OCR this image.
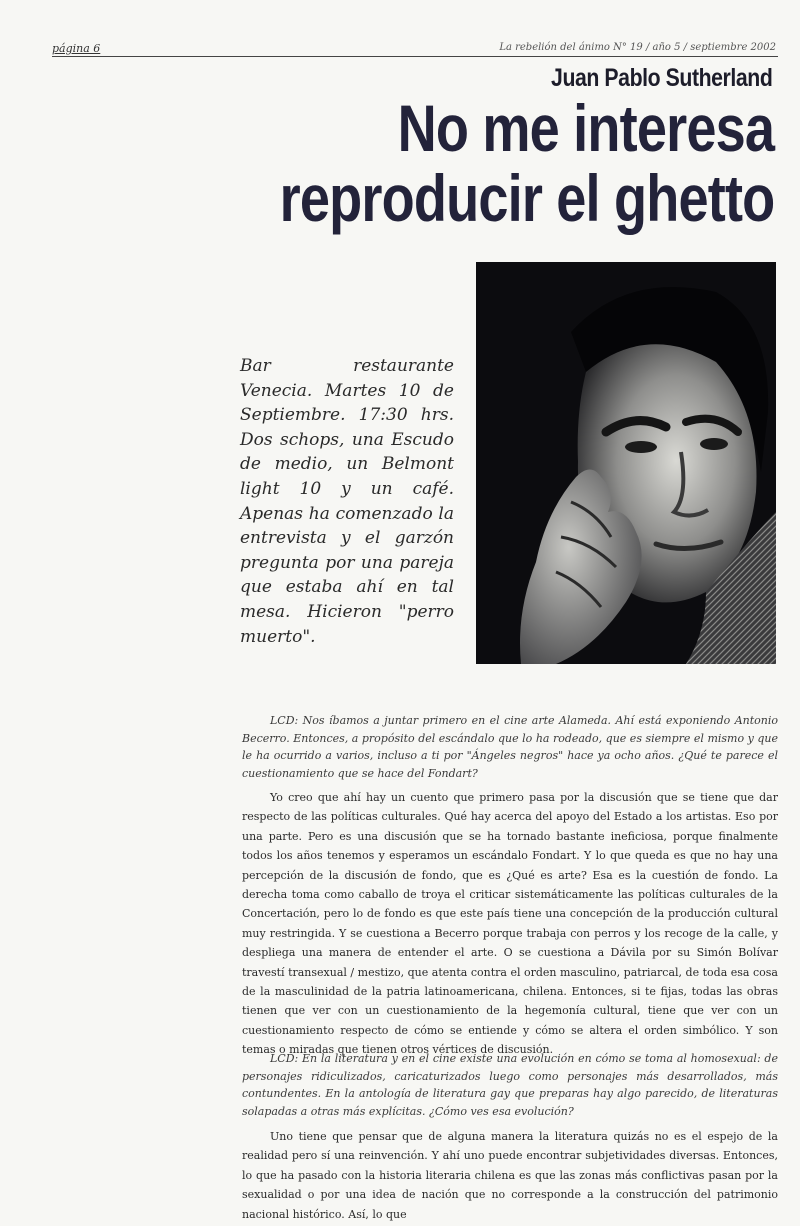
página 6	La rebelión del ánimo N° 19 / año 5 / septiembre 2002
Juan Pablo Sutherland
No me interesa
reproducir el ghetto

Bar restaurante Venecia. Martes 10 de Septiembre. 17:30 hrs. Dos schops, una Escudo de medio, un Belmont light 10 y un café. Apenas ha comenzado la entrevista y el garzón pregunta por una pareja que estaba ahí en tal mesa. Hicieron "perro muerto".

LCD: Nos íbamos a juntar primero en el cine arte Alameda. Ahí está exponiendo Antonio Becerro. Entonces, a propósito del escándalo que lo ha rodeado, que es siempre el mismo y que le ha ocurrido a varios, incluso a ti por "Ángeles negros" hace ya ocho años. ¿Qué te parece el cuestionamiento que se hace del Fondart?

Yo creo que ahí hay un cuento que primero pasa por la discusión que se tiene que dar respecto de las políticas culturales. Qué hay acerca del apoyo del Estado a los artistas. Eso por una parte. Pero es una discusión que se ha tornado bastante ineficiosa, porque finalmente todos los años tenemos y esperamos un escándalo Fondart. Y lo que queda es que no hay una percepción de la discusión de fondo, que es ¿Qué es arte? Esa es la cuestión de fondo. La derecha toma como caballo de troya el criticar sistemáticamente las políticas culturales de la Concertación, pero lo de fondo es que este país tiene una concepción de la producción cultural muy restringida. Y se cuestiona a Becerro porque trabaja con perros y los recoge de la calle, y despliega una manera de entender el arte. O se cuestiona a Dávila por su Simón Bolívar travestí transexual / mestizo, que atenta contra el orden masculino, patriarcal, de toda esa cosa de la masculinidad de la patria latinoamericana, chilena. Entonces, si te fijas, todas las obras tienen que ver con un cuestionamiento de la hegemonía cultural, tiene que ver con un cuestionamiento respecto de cómo se entiende y cómo se altera el orden simbólico. Y son temas o miradas que tienen otros vértices de discusión.

LCD: En la literatura y en el cine existe una evolución en cómo se toma al homosexual: de personajes ridiculizados, caricaturizados luego como personajes más desarrollados, más contundentes. En la antología de literatura gay que preparas hay algo parecido, de literaturas solapadas a otras más explícitas. ¿Cómo ves esa evolución?

Uno tiene que pensar que de alguna manera la literatura quizás no es el espejo de la realidad pero sí una reinvención. Y ahí uno puede encontrar subjetividades diversas. Entonces, lo que ha pasado con la historia literaria chilena es que las zonas más conflictivas pasan por la sexualidad o por una idea de nación que no corresponde a la construcción del patrimonio nacional histórico. Así, lo que
